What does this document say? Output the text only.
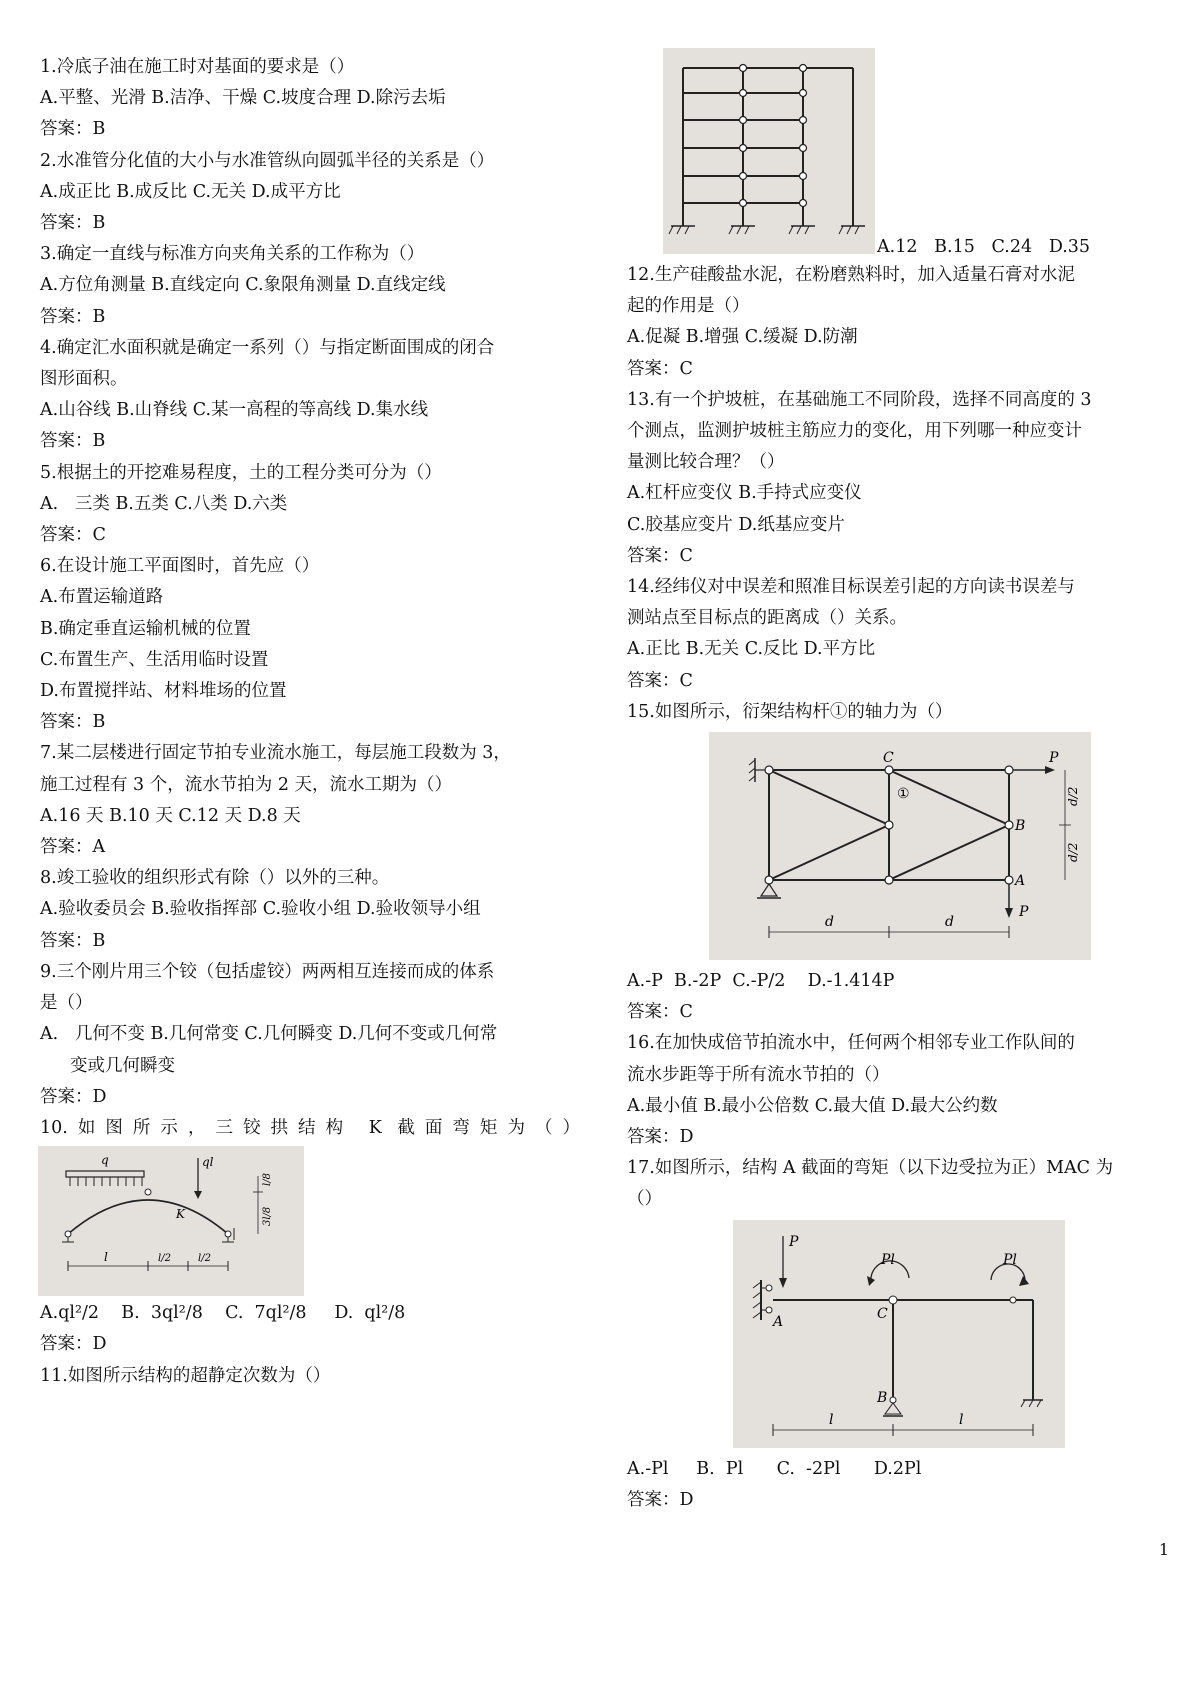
1.冷底子油在施工时对基面的要求是（）
A.平整、光滑 B.洁净、干燥 C.坡度合理 D.除污去垢
答案：B
2.水准管分化值的大小与水准管纵向圆弧半径的关系是（）
A.成正比 B.成反比 C.无关 D.成平方比
答案：B
3.确定一直线与标准方向夹角关系的工作称为（）
A.方位角测量 B.直线定向 C.象限角测量 D.直线定线
答案：B
4.确定汇水面积就是确定一系列（）与指定断面围成的闭合
图形面积。
A.山谷线 B.山脊线 C.某一高程的等高线 D.集水线
答案：B
5.根据土的开挖难易程度，土的工程分类可分为（）
A.   三类 B.五类 C.八类 D.六类
答案：C
6.在设计施工平面图时，首先应（）
A.布置运输道路
B.确定垂直运输机械的位置
C.布置生产、生活用临时设置
D.布置搅拌站、材料堆场的位置
答案：B
7.某二层楼进行固定节拍专业流水施工，每层施工段数为 3，
施工过程有 3 个，流水节拍为 2 天，流水工期为（）
A.16 天 B.10 天 C.12 天 D.8 天
答案：A
8.竣工验收的组织形式有除（）以外的三种。
A.验收委员会 B.验收指挥部 C.验收小组 D.验收领导小组
答案：B
9.三个刚片用三个铰（包括虚铰）两两相互连接而成的体系
是（）
A.   几何不变 B.几何常变 C.几何瞬变 D.几何不变或几何常
变或几何瞬变
答案：D
10.如图所示，三铰拱结构 K 截面弯矩为（）
q	ql
K
l/8
3l/8
l	l/2	l/2
A.ql²/2    B.  3ql²/8    C.  7ql²/8     D.  ql²/8
答案：D
11.如图所示结构的超静定次数为（）
A.12   B.15   C.24   D.35
12.生产硅酸盐水泥，在粉磨熟料时，加入适量石膏对水泥
起的作用是（）
A.促凝 B.增强 C.缓凝 D.防潮
答案：C
13.有一个护坡桩，在基础施工不同阶段，选择不同高度的 3
个测点，监测护坡桩主筋应力的变化，用下列哪一种应变计
量测比较合理？（）
A.杠杆应变仪 B.手持式应变仪
C.胶基应变片 D.纸基应变片
答案：C
14.经纬仪对中误差和照准目标误差引起的方向读书误差与
测站点至目标点的距离成（）关系。
A.正比 B.无关 C.反比 D.平方比
答案：C
15.如图所示，衍架结构杆①的轴力为（）
P
P
C
B
A
①	d/2
d/2
d	d
A.-P  B.-2P  C.-P/2    D.-1.414P
答案：C
16.在加快成倍节拍流水中，任何两个相邻专业工作队间的
流水步距等于所有流水节拍的（）
A.最小值 B.最小公倍数 C.最大值 D.最大公约数
答案：D
17.如图所示，结构 A 截面的弯矩（以下边受拉为正）MAC 为
（）
P
Pl	Pl
A	C
B
l	l
A.-Pl     B.  Pl      C.  -2Pl      D.2Pl
答案：D
1
